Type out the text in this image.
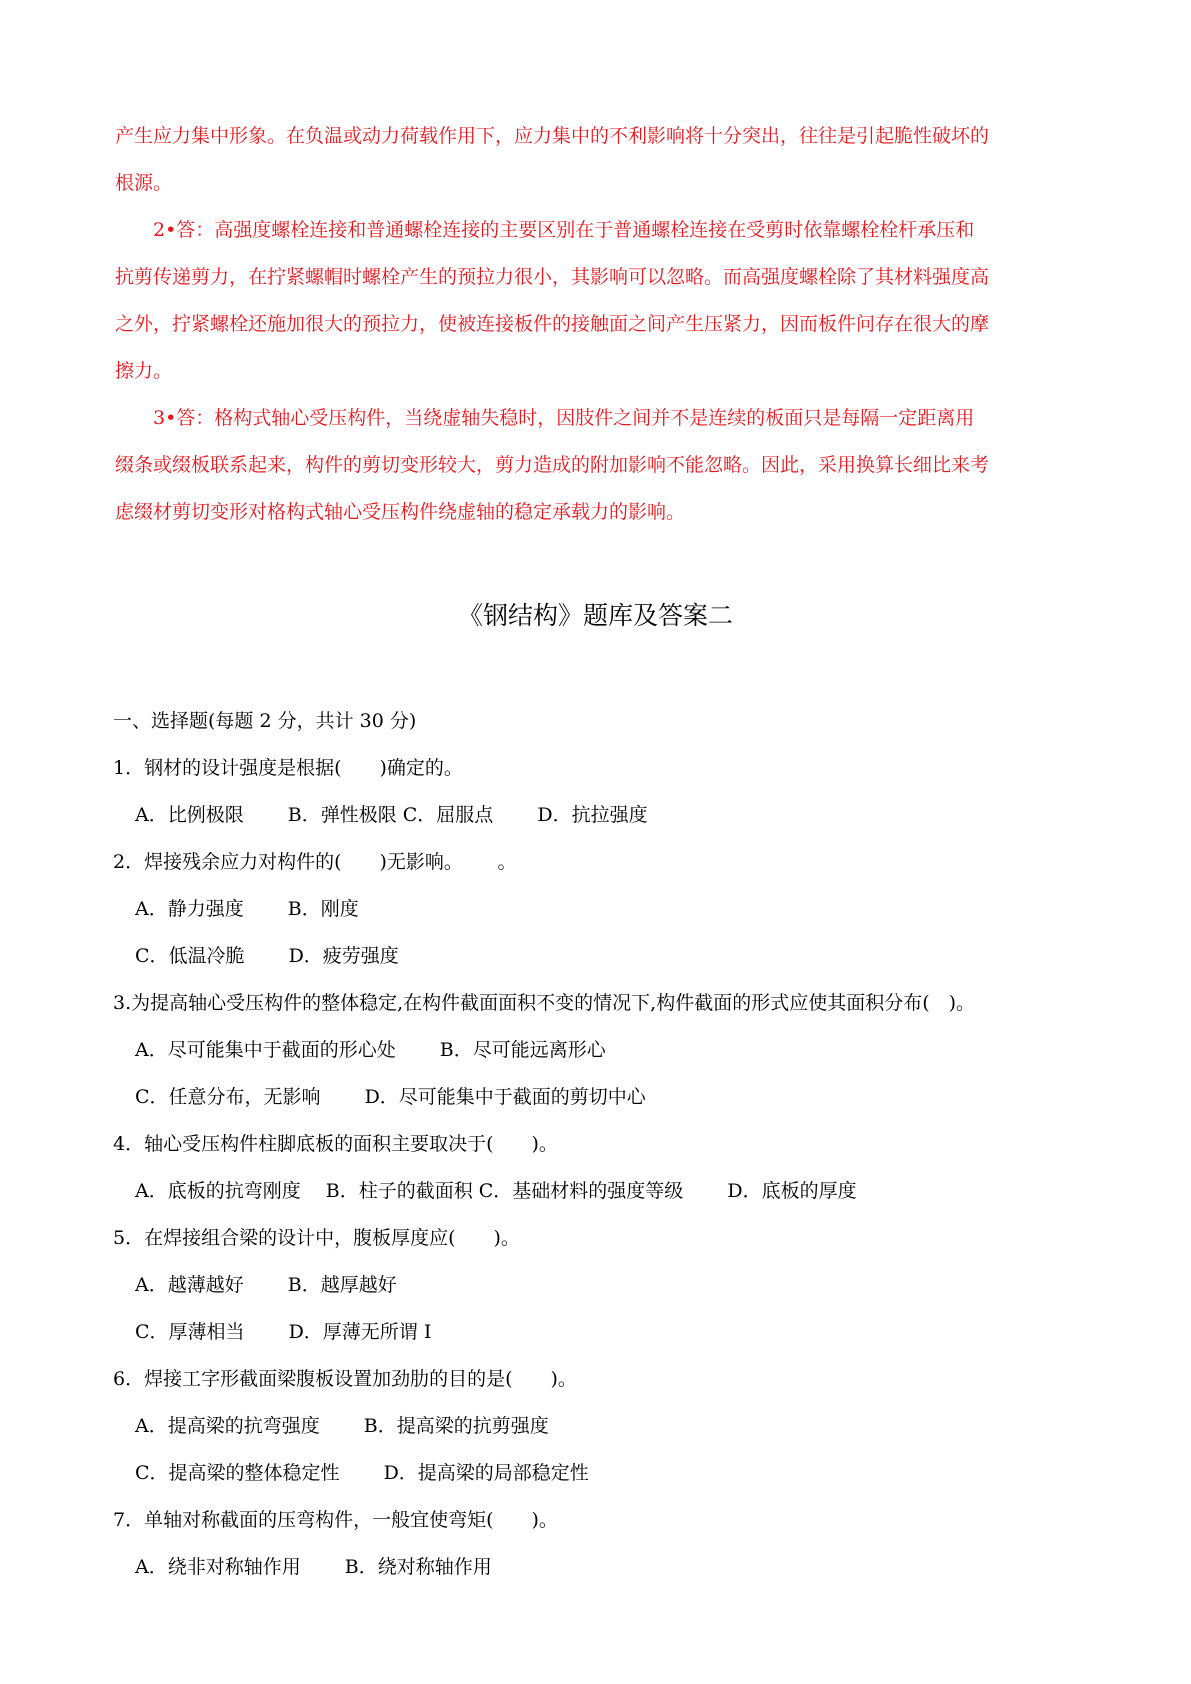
产生应力集中形象。在负温或动力荷载作用下，应力集中的不利影响将十分突出，往往是引起脆性破坏的
根源。
　　2•答：高强度螺栓连接和普通螺栓连接的主要区别在于普通螺栓连接在受剪时依靠螺栓栓杆承压和
抗剪传递剪力，在拧紧螺帽时螺栓产生的预拉力很小，其影响可以忽略。而高强度螺栓除了其材料强度高
之外，拧紧螺栓还施加很大的预拉力，使被连接板件的接触面之间产生压紧力，因而板件问存在很大的摩
擦力。
　　3•答：格构式轴心受压构件，当绕虚轴失稳时，因肢件之间并不是连续的板面只是每隔一定距离用
缀条或缀板联系起来，构件的剪切变形较大，剪力造成的附加影响不能忽略。因此，采用换算长细比来考
虑缀材剪切变形对格构式轴心受压构件绕虚轴的稳定承载力的影响。
《钢结构》题库及答案二
一、选择题(每题 2 分，共计 30 分)
1．钢材的设计强度是根据(　　)确定的。
A．比例极限　　 B．弹性极限 C．屈服点　　 D．抗拉强度
2．焊接残余应力对构件的(　　)无影响。　　 。
A．静力强度　　 B．刚度
C．低温冷脆　　 D．疲劳强度
3.为提高轴心受压构件的整体稳定,在构件截面面积不变的情况下,构件截面的形式应使其面积分布(　)。
A．尽可能集中于截面的形心处　　 B．尽可能远离形心
C．任意分布，无影响　　 D．尽可能集中于截面的剪切中心
4．轴心受压构件柱脚底板的面积主要取决于(　　)。
A．底板的抗弯刚度　 B．柱子的截面积 C．基础材料的强度等级　　 D．底板的厚度
5．在焊接组合梁的设计中，腹板厚度应(　　)。
A．越薄越好　　 B．越厚越好
C．厚薄相当　　 D．厚薄无所谓 I
6．焊接工字形截面梁腹板设置加劲肋的目的是(　　)。
A．提高梁的抗弯强度　　 B．提高梁的抗剪强度
C．提高梁的整体稳定性　　 D．提高梁的局部稳定性
7．单轴对称截面的压弯构件，一般宜使弯矩(　　)。
A．绕非对称轴作用　　 B．绕对称轴作用
